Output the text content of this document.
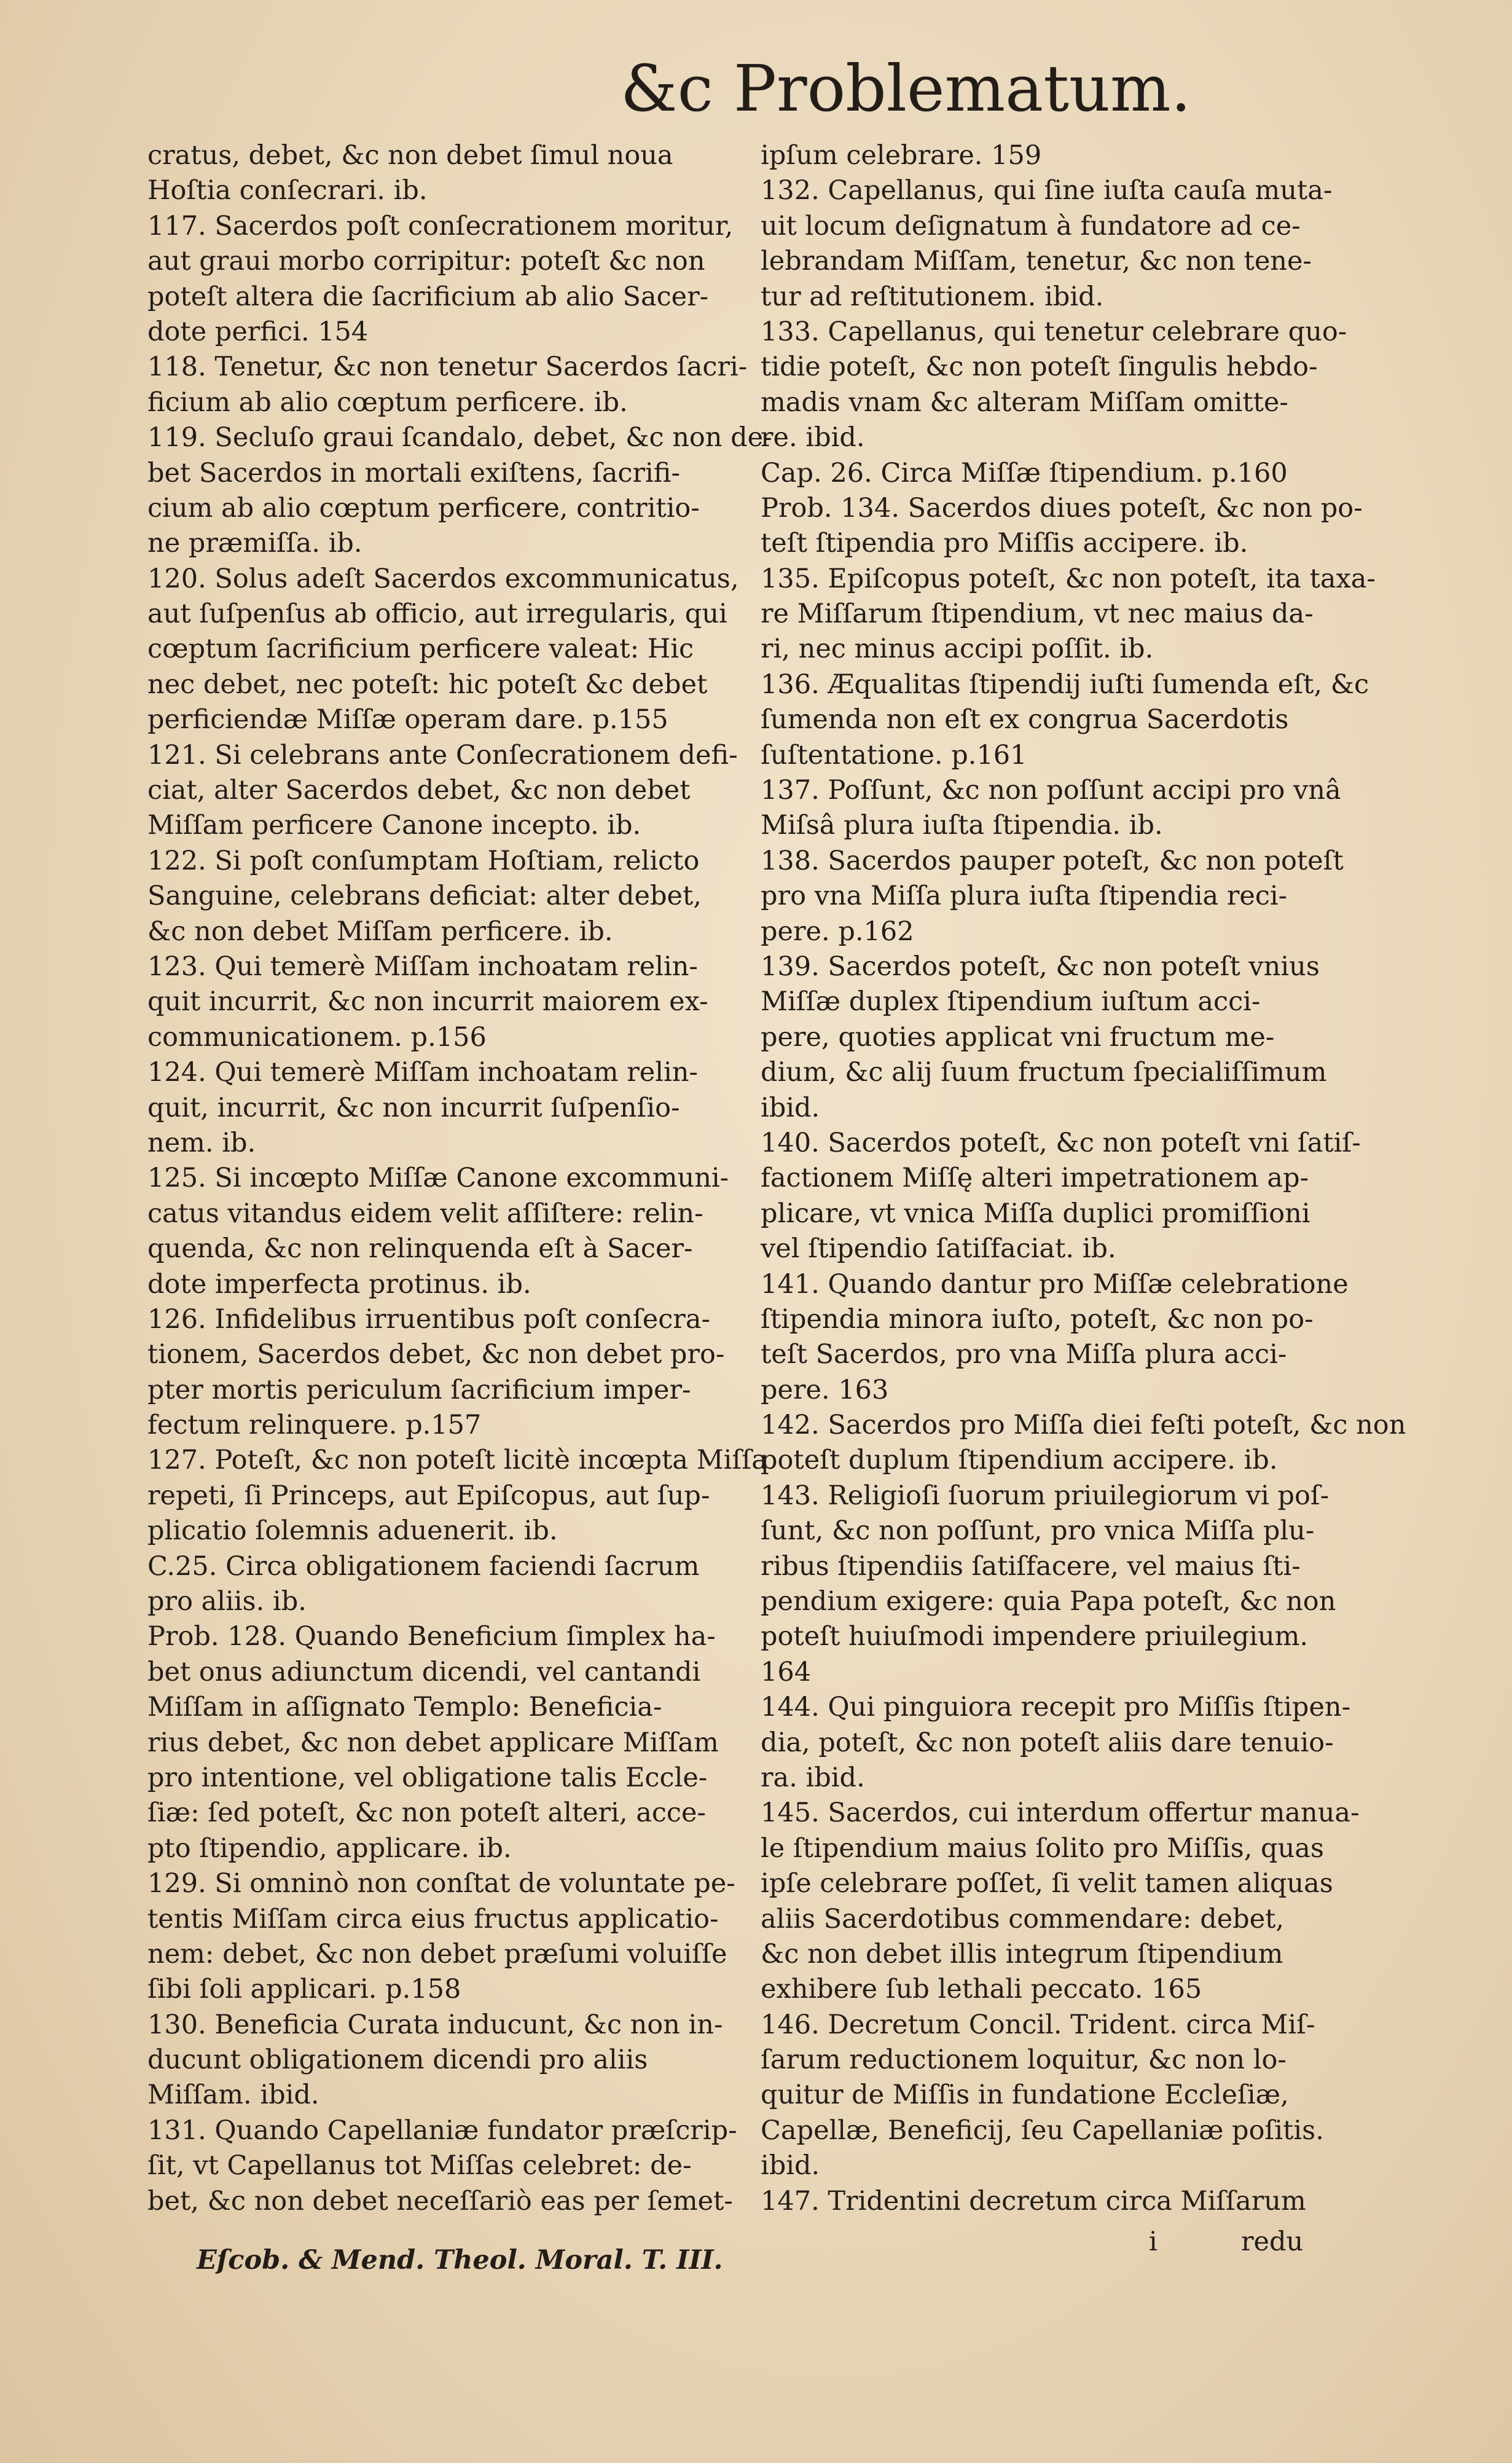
&c Problematum.
cratus, debet, &c non debet ſimul noua
Hoſtia conſecrari. ib.
117. Sacerdos poſt conſecrationem moritur,
aut graui morbo corripitur: poteſt &c non
poteſt altera die ſacrificium ab alio Sacer-
dote perfici. 154
118. Tenetur, &c non tenetur Sacerdos ſacri-
ficium ab alio cœptum perficere. ib.
119. Secluſo graui ſcandalo, debet, &c non de-
bet Sacerdos in mortali exiſtens, ſacrifi-
cium ab alio cœptum perficere, contritio-
ne præmiſſa. ib.
120. Solus adeſt Sacerdos excommunicatus,
aut ſuſpenſus ab officio, aut irregularis, qui
cœptum ſacrificium perficere valeat: Hic
nec debet, nec poteſt: hic poteſt &c debet
perficiendæ Miſſæ operam dare. p.155
121. Si celebrans ante Conſecrationem defi-
ciat, alter Sacerdos debet, &c non debet
Miſſam perficere Canone incepto. ib.
122. Si poſt conſumptam Hoſtiam, relicto
Sanguine, celebrans deficiat: alter debet,
&c non debet Miſſam perficere. ib.
123. Qui temerè Miſſam inchoatam relin-
quit incurrit, &c non incurrit maiorem ex-
communicationem. p.156
124. Qui temerè Miſſam inchoatam relin-
quit, incurrit, &c non incurrit ſuſpenſio-
nem. ib.
125. Si incœpto Miſſæ Canone excommuni-
catus vitandus eidem velit aſſiſtere: relin-
quenda, &c non relinquenda eſt à Sacer-
dote imperfecta protinus. ib.
126. Infidelibus irruentibus poſt conſecra-
tionem, Sacerdos debet, &c non debet pro-
pter mortis periculum ſacrificium imper-
fectum relinquere. p.157
127. Poteſt, &c non poteſt licitè incœpta Miſſa
repeti, ſi Princeps, aut Epiſcopus, aut ſup-
plicatio ſolemnis aduenerit. ib.
C.25. Circa obligationem faciendi ſacrum
pro aliis. ib.
Prob. 128. Quando Beneficium ſimplex ha-
bet onus adiunctum dicendi, vel cantandi
Miſſam in aſſignato Templo: Beneficia-
rius debet, &c non debet applicare Miſſam
pro intentione, vel obligatione talis Eccle-
ſiæ: ſed poteſt, &c non poteſt alteri, acce-
pto ſtipendio, applicare. ib.
129. Si omninò non conſtat de voluntate pe-
tentis Miſſam circa eius fructus applicatio-
nem: debet, &c non debet præſumi voluiſſe
ſibi ſoli applicari. p.158
130. Beneficia Curata inducunt, &c non in-
ducunt obligationem dicendi pro aliis
Miſſam. ibid.
131. Quando Capellaniæ fundator præſcrip-
ſit, vt Capellanus tot Miſſas celebret: de-
bet, &c non debet neceſſariò eas per ſemet-
ipſum celebrare. 159
132. Capellanus, qui ſine iuſta cauſa muta-
uit locum deſignatum à fundatore ad ce-
lebrandam Miſſam, tenetur, &c non tene-
tur ad reſtitutionem. ibid.
133. Capellanus, qui tenetur celebrare quo-
tidie poteſt, &c non poteſt ſingulis hebdo-
madis vnam &c alteram Miſſam omitte-
re. ibid.
Cap. 26. Circa Miſſæ ſtipendium. p.160
Prob. 134. Sacerdos diues poteſt, &c non po-
teſt ſtipendia pro Miſſis accipere. ib.
135. Epiſcopus poteſt, &c non poteſt, ita taxa-
re Miſſarum ſtipendium, vt nec maius da-
ri, nec minus accipi poſſit. ib.
136. Æqualitas ſtipendij iuſti ſumenda eſt, &c
ſumenda non eſt ex congrua Sacerdotis
ſuſtentatione. p.161
137. Poſſunt, &c non poſſunt accipi pro vnâ
Miſsâ plura iuſta ſtipendia. ib.
138. Sacerdos pauper poteſt, &c non poteſt
pro vna Miſſa plura iuſta ſtipendia reci-
pere. p.162
139. Sacerdos poteſt, &c non poteſt vnius
Miſſæ duplex ſtipendium iuſtum acci-
pere, quoties applicat vni fructum me-
dium, &c alij ſuum fructum ſpecialiſſimum
ibid.
140. Sacerdos poteſt, &c non poteſt vni ſatiſ-
factionem Miſſę alteri impetrationem ap-
plicare, vt vnica Miſſa duplici promiſſioni
vel ſtipendio ſatiſfaciat. ib.
141. Quando dantur pro Miſſæ celebratione
ſtipendia minora iuſto, poteſt, &c non po-
teſt Sacerdos, pro vna Miſſa plura acci-
pere. 163
142. Sacerdos pro Miſſa diei feſti poteſt, &c non
poteſt duplum ſtipendium accipere. ib.
143. Religioſi ſuorum priuilegiorum vi poſ-
ſunt, &c non poſſunt, pro vnica Miſſa plu-
ribus ſtipendiis ſatiſfacere, vel maius ſti-
pendium exigere: quia Papa poteſt, &c non
poteſt huiuſmodi impendere priuilegium.
164
144. Qui pinguiora recepit pro Miſſis ſtipen-
dia, poteſt, &c non poteſt aliis dare tenuio-
ra. ibid.
145. Sacerdos, cui interdum offertur manua-
le ſtipendium maius ſolito pro Miſſis, quas
ipſe celebrare poſſet, ſi velit tamen aliquas
aliis Sacerdotibus commendare: debet,
&c non debet illis integrum ſtipendium
exhibere ſub lethali peccato. 165
146. Decretum Concil. Trident. circa Miſ-
ſarum reductionem loquitur, &c non lo-
quitur de Miſſis in fundatione Eccleſiæ,
Capellæ, Beneficij, ſeu Capellaniæ poſitis.
ibid.
147. Tridentini decretum circa Miſſarum
Eſcob. & Mend. Theol. Moral. T. III.
i	redu
